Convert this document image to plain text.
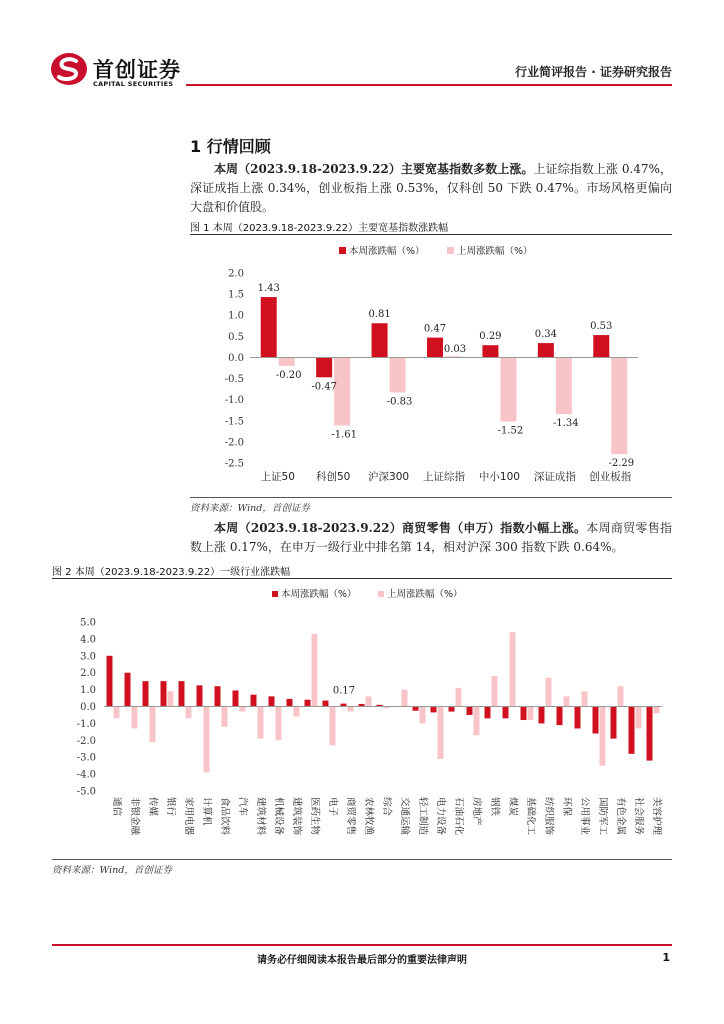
首创证券
CAPITAL SECURITIES
行业简评报告 · 证券研究报告
1 行情回顾
本周（2023.9.18-2023.9.22）主要宽基指数多数上涨。上证综指数上涨 0.47%，深证成指上涨 0.34%，创业板指上涨 0.53%，仅科创 50 下跌 0.47%。市场风格更偏向大盘和价值股。
图 1 本周（2023.9.18-2023.9.22）主要宽基指数涨跌幅
本周涨跌幅（%）	上周涨跌幅（%）
2.0
1.5
1.0
0.5
0.0
-0.5
-1.0
-1.5
-2.0
-2.5
1.43
-0.20
上证50
-0.47
-1.61
科创50
0.81
-0.83
沪深300
0.47
0.03
上证综指
0.29
-1.52
中小100
0.34
-1.34
深证成指
0.53
-2.29
创业板指
资料来源：Wind，首创证券
本周（2023.9.18-2023.9.22）商贸零售（申万）指数小幅上涨。本周商贸零售指数上涨 0.17%，在申万一级行业中排名第 14，相对沪深 300 指数下跌 0.64%。
图 2 本周（2023.9.18-2023.9.22）一级行业涨跌幅
本周涨跌幅（%）	上周涨跌幅（%）
5.0
4.0
3.0
2.0
1.0
0.0
-1.0
-2.0
-3.0
-4.0
-5.0
通信 非银金融 传媒 银行 家用电器 计算机 食品饮料 汽车 建筑材料 机械设备 建筑装饰 医药生物 电子 商贸零售 农林牧渔 综合 交通运输 轻工制造 电力设备 石油石化 房地产 钢铁 煤炭 基础化工 纺织服饰 环保 公用事业 国防军工 有色金属 社会服务 美容护理
0.17
资料来源：Wind，首创证券
请务必仔细阅读本报告最后部分的重要法律声明	1
